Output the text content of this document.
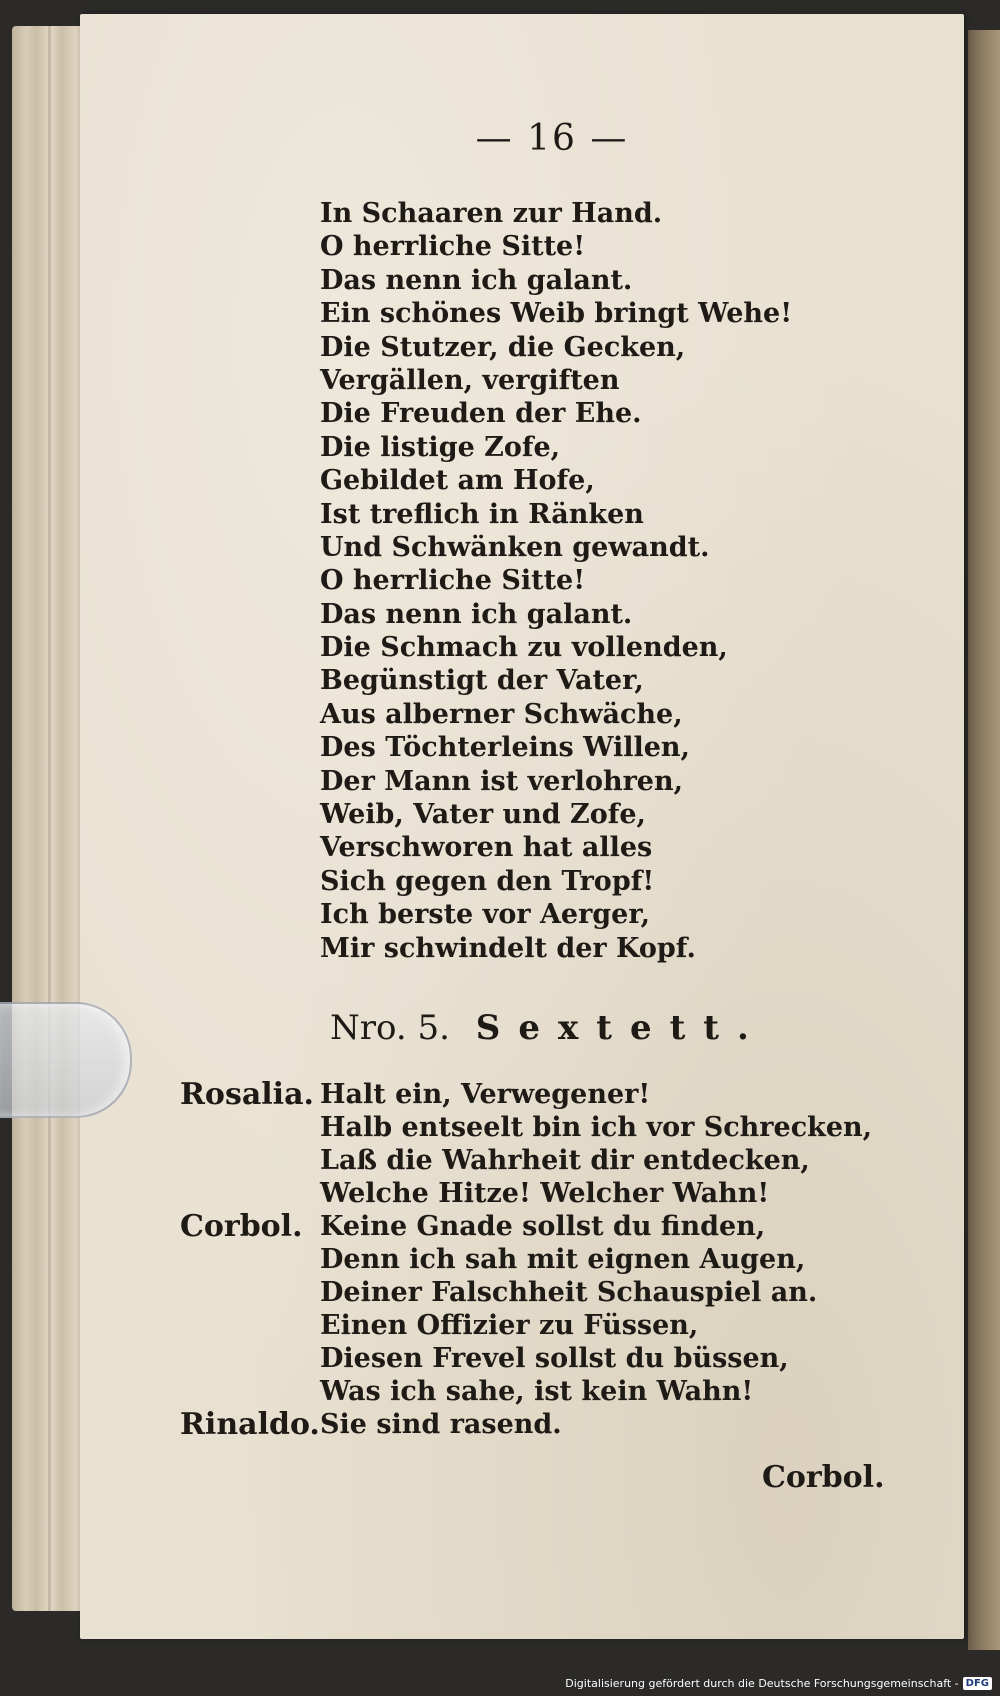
— 16 —
In Schaaren zur Hand.
O herrliche Sitte!
Das nenn ich galant.
Ein schönes Weib bringt Wehe!
Die Stutzer, die Gecken,
Vergällen, vergiften
Die Freuden der Ehe.
Die listige Zofe,
Gebildet am Hofe,
Ist treflich in Ränken
Und Schwänken gewandt.
O herrliche Sitte!
Das nenn ich galant.
Die Schmach zu vollenden,
Begünstigt der Vater,
Aus alberner Schwäche,
Des Töchterleins Willen,
Der Mann ist verlohren,
Weib, Vater und Zofe,
Verschworen hat alles
Sich gegen den Tropf!
Ich berste vor Aerger,
Mir schwindelt der Kopf.
Nro. 5. Sextett.
Rosalia. Halt ein, Verwegener!
Halb entseelt bin ich vor Schrecken,
Laß die Wahrheit dir entdecken,
Welche Hitze! Welcher Wahn!
Corbol. Keine Gnade sollst du finden,
Denn ich sah mit eignen Augen,
Deiner Falschheit Schauspiel an.
Einen Offizier zu Füssen,
Diesen Frevel sollst du büssen,
Was ich sahe, ist kein Wahn!
Rinaldo. Sie sind rasend.
Corbol.
Digitalisierung gefördert durch die Deutsche Forschungsgemeinschaft - DFG
